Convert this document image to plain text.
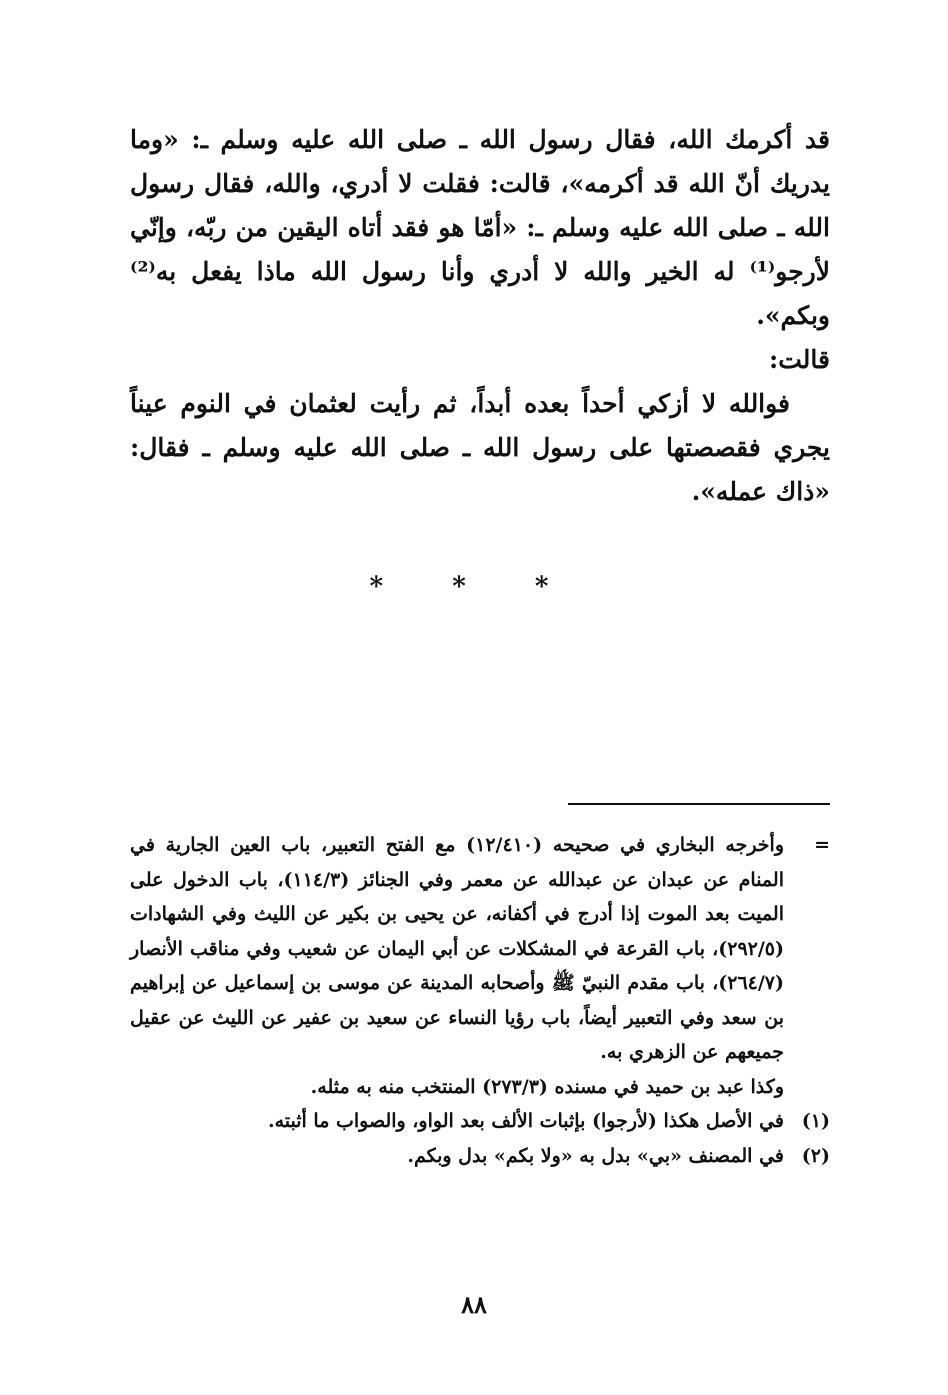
قد أكرمك الله، فقال رسول الله ـ صلى الله عليه وسلم ـ: «وما يدريك أنّ الله قد أكرمه»، قالت: فقلت لا أدري، والله، فقال رسول الله ـ صلى الله عليه وسلم ـ: «أمّا هو فقد أتاه اليقين من ربّه، وإنّي لأرجو⁽¹⁾ له الخير والله لا أدري وأنا رسول الله ماذا يفعل به⁽²⁾ وبكم».

قالت:

فوالله لا أزكي أحداً بعده أبداً، ثم رأيت لعثمان في النوم عيناً يجري فقصصتها على رسول الله ـ صلى الله عليه وسلم ـ فقال: «ذاك عمله».

* * *
=
وأخرجه البخاري في صحيحه (١٢/٤١٠) مع الفتح التعبير، باب العين الجارية في المنام عن عبدان عن عبدالله عن معمر وفي الجنائز (١١٤/٣)، باب الدخول على الميت بعد الموت إذا أدرج في أكفانه، عن يحيى بن بكير عن الليث وفي الشهادات (٢٩٢/٥)، باب القرعة في المشكلات عن أبي اليمان عن شعيب وفي مناقب الأنصار (٢٦٤/٧)، باب مقدم النبيّ ﷺ وأصحابه المدينة عن موسى بن إسماعيل عن إبراهيم بن سعد وفي التعبير أيضاً، باب رؤيا النساء عن سعيد بن عفير عن الليث عن عقيل جميعهم عن الزهري به.
وكذا عبد بن حميد في مسنده (٢٧٣/٣) المنتخب منه به مثله.
(١)
في الأصل هكذا (لأرجوا) بإثبات الألف بعد الواو، والصواب ما أثبته.
(٢)
في المصنف «بي» بدل به «ولا بكم» بدل وبكم.
٨٨
